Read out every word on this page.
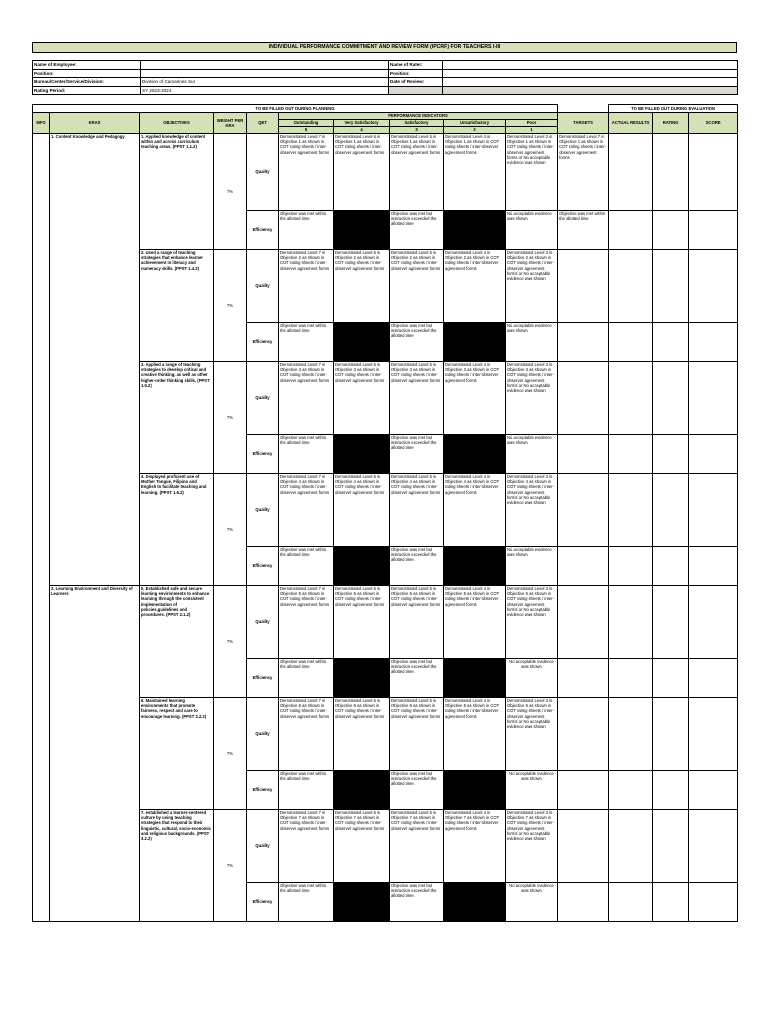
INDIVIDUAL PERFORMANCE COMMITMENT AND REVIEW FORM (IPCRF) FOR TEACHERS I-III
Name of Employee:		Name of Rater:	
Position:		Position:	
Bureau/Center/Service/Division:	Division of Camarines Sur	Date of Review:	
Rating Period:	SY 2023-2024		
TO BE FILLED OUT DURING PLANNING											TO BE FILLED OUT DURING EVALUATION		
MFO	KRAS	OBJECTIVES	WEIGHT PER KRA	QET	PERFORMANCE INDICATORS					TARGETS	ACTUAL RESULTS	RATING	SCORE
					Outstanding	Very Satisfactory	Satisfactory	Unsatisfactory	Poor				
					5	4	3	2	1				
	1. Content Knowledge and Pedagogy	1. Applied knowledge of content within and across curriculum teaching areas. (PPST 1.1.2)	7%	Quality	Demonstrated Level 7 in Objective 1 as shown in COT rating sheets / inter-observer agreement forms	Demonstrated Level 6 in Objective 1 as shown in COT rating sheets / inter-observer agreement forms	Demonstrated Level 5 in Objective 1 as shown in COT rating sheets / inter-observer agreement forms	Demonstrated Level 4 in Objective 1 as shown in COT rating sheets / inter-observer agreement forms	Demonstrated Level 3 in Objective 1 as shown in COT rating sheets / inter-observer agreement forms or No acceptable evidence was shown	Demonstrated Level 7 in Objective 1 as shown in COT rating sheets / inter-observer agreement forms			
				Efficiency	Objective was met within the allotted time		Objective was met but instruction exceeded the allotted time		No acceptable evidence was shown	Objective was met within the allotted time			
		2. Used a range of teaching strategies that enhance learner achievement in literacy and numeracy skills. (PPST 1.4.2)	7%	Quality	Demonstrated Level 7 in Objective 2 as shown in COT rating sheets / inter-observer agreement forms	Demonstrated Level 6 in Objective 2 as shown in COT rating sheets / inter-observer agreement forms	Demonstrated Level 5 in Objective 2 as shown in COT rating sheets / inter-observer agreement forms	Demonstrated Level 4 in Objective 2 as shown in COT rating sheets / inter-observer agreement forms	Demonstrated Level 3 in Objective 2 as shown in COT rating sheets / inter-observer agreement forms or No acceptable evidence was shown				
				Efficiency	Objective was met within the allotted time		Objective was met but instruction exceeded the allotted time		No acceptable evidence was shown				
		3. Applied a range of teaching strategies to develop critical and creative thinking, as well as other higher-order thinking skills. (PPST 1.5.2)	7%	Quality	Demonstrated Level 7 in Objective 3 as shown in COT rating sheets / inter-observer agreement forms	Demonstrated Level 6 in Objective 3 as shown in COT rating sheets / inter-observer agreement forms	Demonstrated Level 5 in Objective 3 as shown in COT rating sheets / inter-observer agreement forms	Demonstrated Level 4 in Objective 3 as shown in COT rating sheets / inter-observer agreement forms	Demonstrated Level 3 in Objective 3 as shown in COT rating sheets / inter-observer agreement forms or No acceptable evidence was shown				
				Efficiency	Objective was met within the allotted time		Objective was met but instruction exceeded the allotted time		No acceptable evidence was shown				
		4. Displayed proficient use of Mother Tongue, Filipino and English to facilitate teaching and learning. (PPST 1.6.2)	7%	Quality	Demonstrated Level 7 in Objective 4 as shown in COT rating sheets / inter-observer agreement forms	Demonstrated Level 6 in Objective 4 as shown in COT rating sheets / inter-observer agreement forms	Demonstrated Level 5 in Objective 4 as shown in COT rating sheets / inter-observer agreement forms	Demonstrated Level 4 in Objective 4 as shown in COT rating sheets / inter-observer agreement forms	Demonstrated Level 3 in Objective 4 as shown in COT rating sheets / inter-observer agreement forms or No acceptable evidence was shown				
				Efficiency	Objective was met within the allotted time		Objective was met but instruction exceeded the allotted time.		No acceptable evidence was shown				
	2. Learning Environment and Diversity of Learners	5. Established safe and secure learning environments to enhance learning through the consistent implementation of policies,guidelines and procedures. (PPST 2.1.2)	7%	Quality	Demonstrated Level 7 in Objective 5 as shown in COT rating sheets / inter-observer agreement forms	Demonstrated Level 6 in Objective 5 as shown in COT rating sheets / inter-observer agreement forms	Demonstrated Level 5 in Objective 5 as shown in COT rating sheets / inter-observer agreement forms	Demonstrated Level 4 in Objective 5 as shown in COT rating sheets / inter-observer agreement forms	Demonstrated Level 3 in Objective 5 as shown in COT rating sheets / inter-observer agreement forms or No acceptable evidence was shown				
				Efficiency	Objective was met within the allotted time		Objective was met but instruction exceeded the allotted time.		No acceptable evidence was shown				
		6. Maintained learning environments that promote fairness, respect and care to encourage learning. (PPST 2.2.2)	7%	Quality	Demonstrated Level 7 in Objective 6 as shown in COT rating sheets / inter-observer agreement forms	Demonstrated Level 6 in Objective 6 as shown in COT rating sheets / inter-observer agreement forms	Demonstrated Level 5 in Objective 6 as shown in COT rating sheets / inter-observer agreement forms	Demonstrated Level 4 in Objective 6 as shown in COT rating sheets / inter-observer agreement forms	Demonstrated Level 3 in Objective 6 as shown in COT rating sheets / inter-observer agreement forms or No acceptable evidence was shown				
				Efficiency	Objective was met within the allotted time		Objective was met but instruction exceeded the allotted time.		No acceptable evidence was shown				
		7. established a learner-centered culture by using teaching strategies that respond to their linguistic, cultural, socio-economic and religious backgrounds. (PPST 3.2.2)	7%	Quality	Demonstrated Level 7 in Objective 7 as shown in COT rating sheets / inter-observer agreement forms	Demonstrated Level 6 in Objective 7 as shown in COT rating sheets / inter-observer agreement forms	Demonstrated Level 5 in Objective 7 as shown in COT rating sheets / inter-observer agreement forms	Demonstrated Level 4 in Objective 7 as shown in COT rating sheets / inter-observer agreement forms	Demonstrated Level 3 in Objective 7 as shown in COT rating sheets / inter-observer agreement forms or No acceptable evidence was shown				
				Efficiency	Objective was met within the allotted time		Objective was met but instruction exceeded the allotted time.		No acceptable evidence was shown				
